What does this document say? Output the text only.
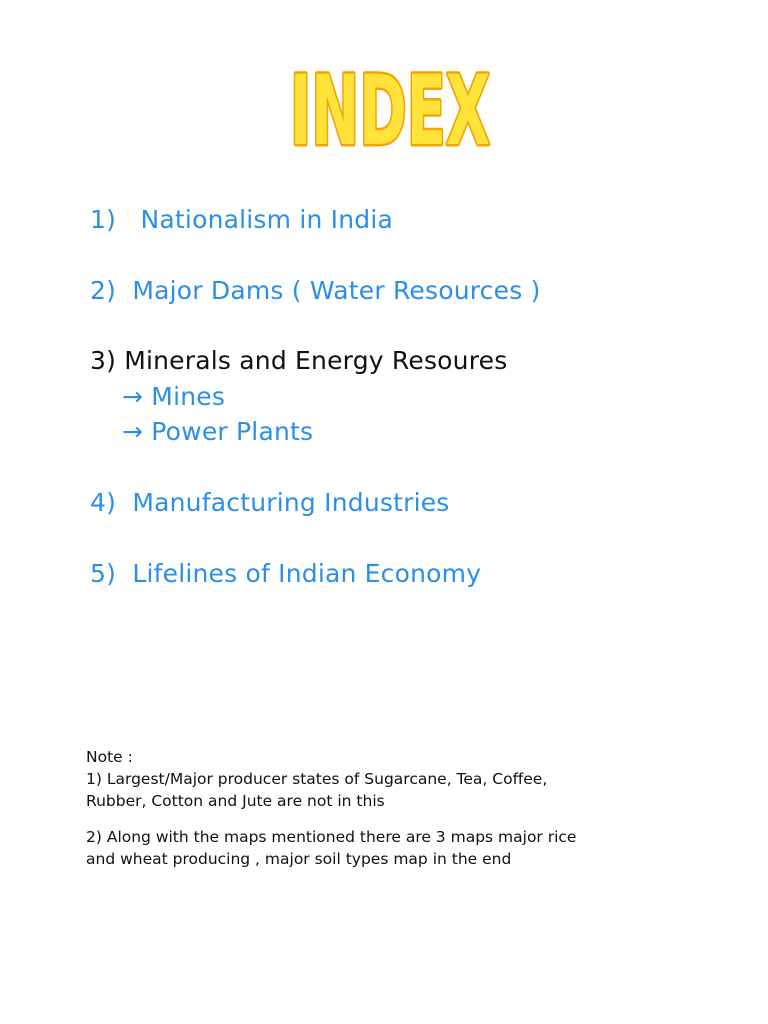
INDEX
1)   Nationalism in India
2)  Major Dams ( Water Resources )
3) Minerals and Energy Resoures
→ Mines
→ Power Plants
4)  Manufacturing Industries
5)  Lifelines of Indian Economy
Note :
1) Largest/Major producer states of Sugarcane, Tea, Coffee,
Rubber, Cotton and Jute are not in this
2) Along with the maps mentioned there are 3 maps major rice
and wheat producing , major soil types map in the end
